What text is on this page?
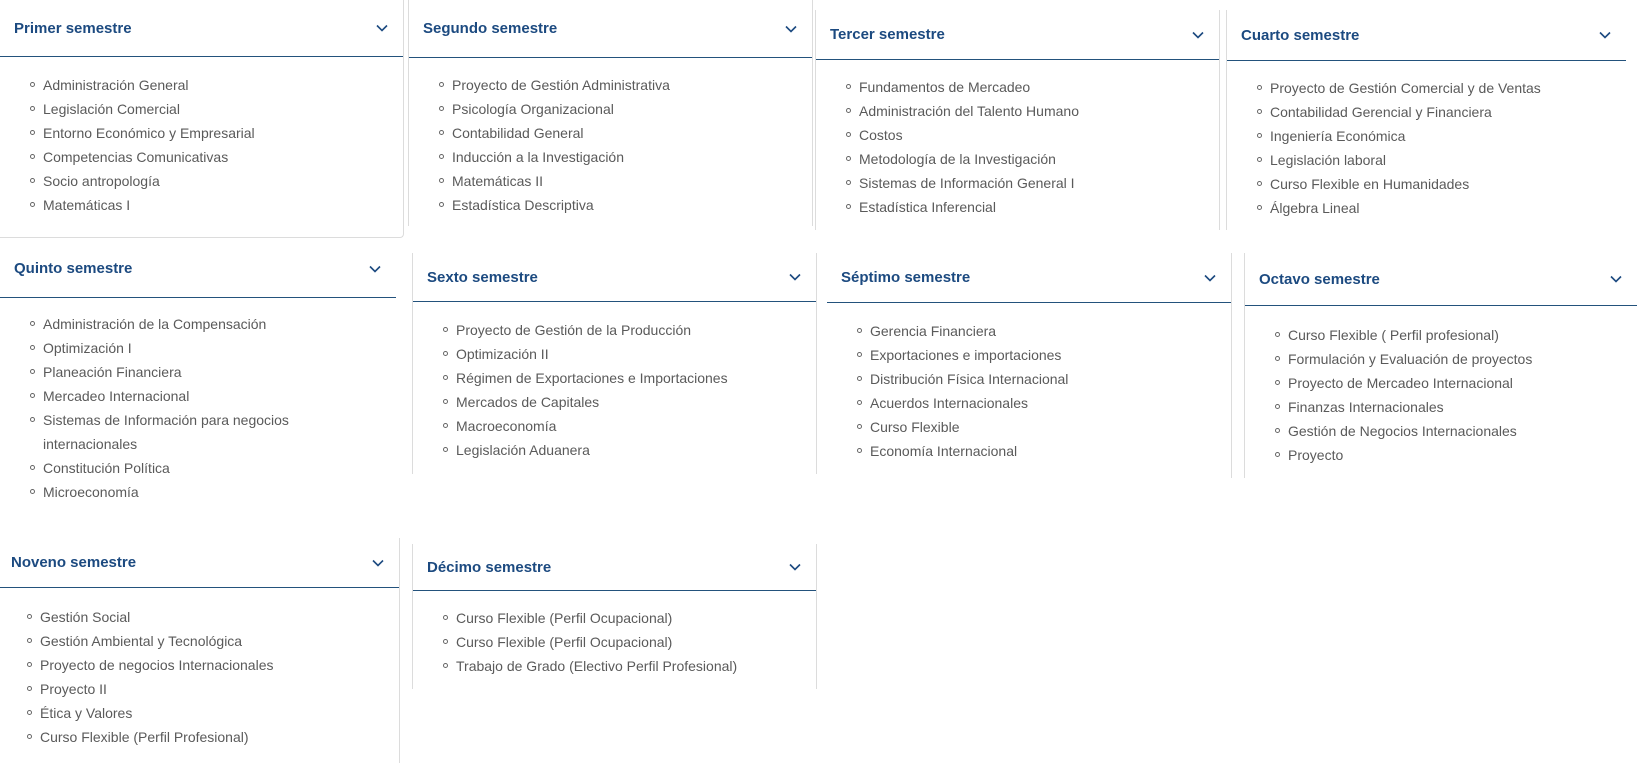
Primer semestre
Administración General
Legislación Comercial
Entorno Económico y Empresarial
Competencias Comunicativas
Socio antropología
Matemáticas I
Segundo semestre
Proyecto de Gestión Administrativa
Psicología Organizacional
Contabilidad General
Inducción a la Investigación
Matemáticas II
Estadística Descriptiva
Tercer semestre
Fundamentos de Mercadeo
Administración del Talento Humano
Costos
Metodología de la Investigación
Sistemas de Información General I
Estadística Inferencial
Cuarto semestre
Proyecto de Gestión Comercial y de Ventas
Contabilidad Gerencial y Financiera
Ingeniería Económica
Legislación laboral
Curso Flexible en Humanidades
Álgebra Lineal
Quinto semestre
Administración de la Compensación
Optimización I
Planeación Financiera
Mercadeo Internacional
Sistemas de Información para negocios internacionales
Constitución Política
Microeconomía
Sexto semestre
Proyecto de Gestión de la Producción
Optimización II
Régimen de Exportaciones e Importaciones
Mercados de Capitales
Macroeconomía
Legislación Aduanera
Séptimo semestre
Gerencia Financiera
Exportaciones e importaciones
Distribución Física Internacional
Acuerdos Internacionales
Curso Flexible
Economía Internacional
Octavo semestre
Curso Flexible ( Perfil profesional)
Formulación y Evaluación de proyectos
Proyecto de Mercadeo Internacional
Finanzas Internacionales
Gestión de Negocios Internacionales
Proyecto
Noveno semestre
Gestión Social
Gestión Ambiental y Tecnológica
Proyecto de negocios Internacionales
Proyecto II
Ética y Valores
Curso Flexible (Perfil Profesional)
Décimo semestre
Curso Flexible (Perfil Ocupacional)
Curso Flexible (Perfil Ocupacional)
Trabajo de Grado (Electivo Perfil Profesional)
